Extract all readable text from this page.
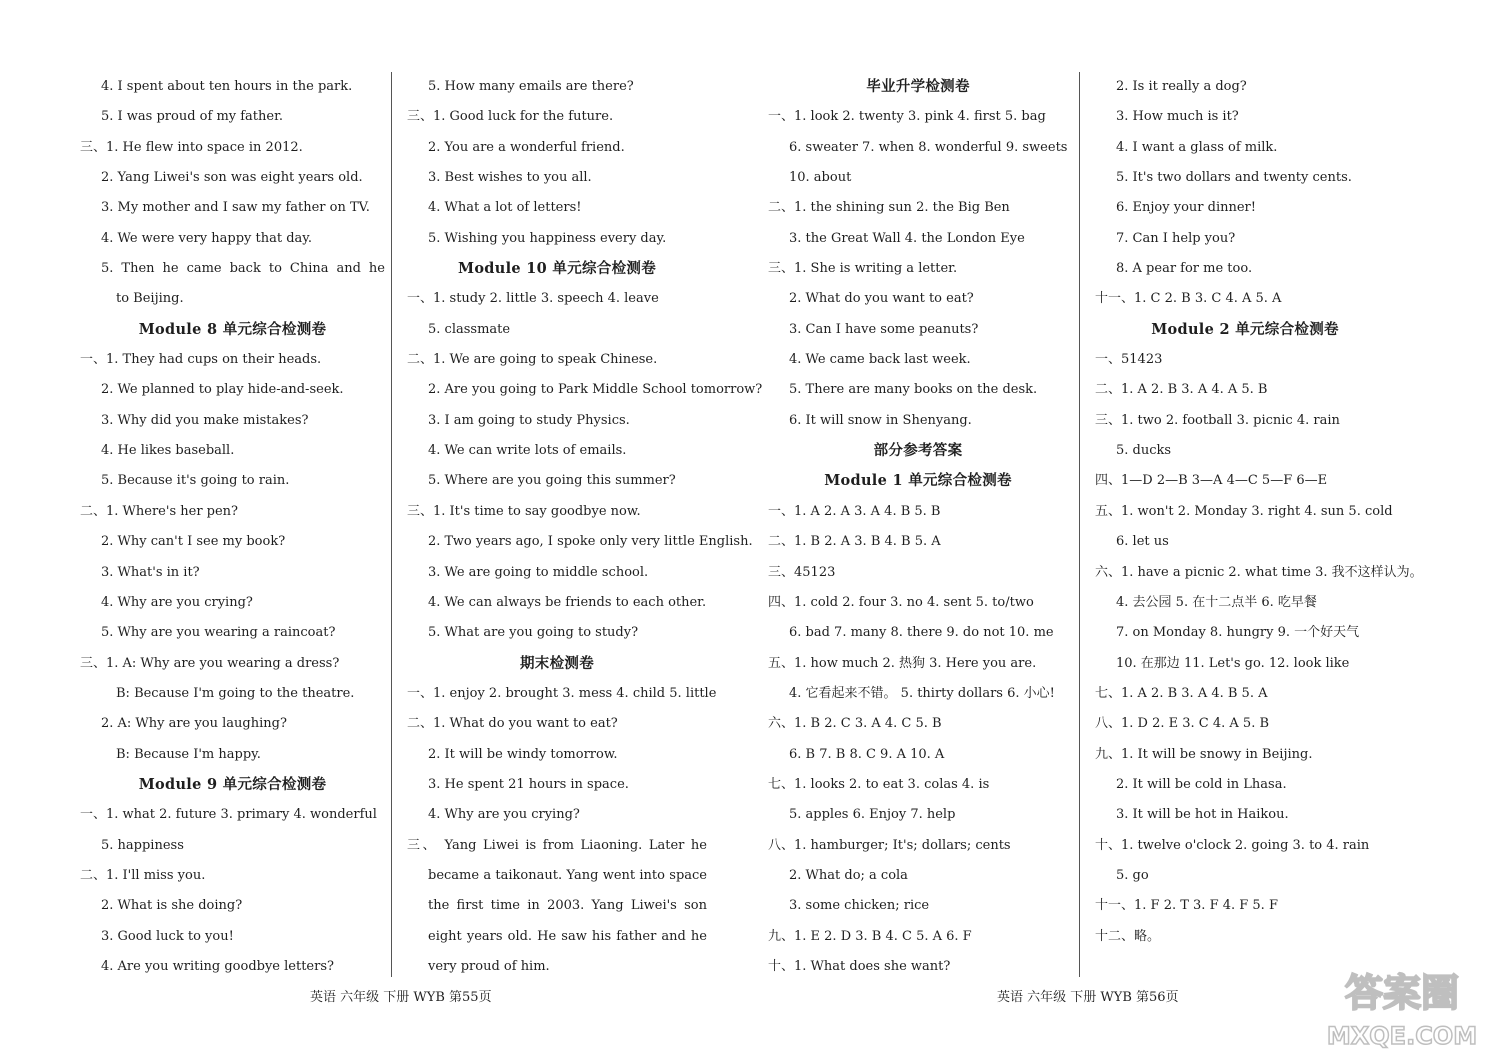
4. I spent about ten hours in the park.
5. I was proud of my father.
三、1. He flew into space in 2012.
2. Yang Liwei's son was eight years old.
3. My mother and I saw my father on TV.
4. We were very happy that day.
5. Then he came back to China and he
to Beijing.
Module 8 单元综合检测卷
一、1. They had cups on their heads.
2. We planned to play hide-and-seek.
3. Why did you make mistakes?
4. He likes baseball.
5. Because it's going to rain.
二、1. Where's her pen?
2. Why can't I see my book?
3. What's in it?
4. Why are you crying?
5. Why are you wearing a raincoat?
三、1. A: Why are you wearing a dress?
B: Because I'm going to the theatre.
2. A: Why are you laughing?
B: Because I'm happy.
Module 9 单元综合检测卷
一、1. what 2. future 3. primary 4. wonderful
5. happiness
二、1. I'll miss you.
2. What is she doing?
3. Good luck to you!
4. Are you writing goodbye letters?
5. How many emails are there?
三、1. Good luck for the future.
2. You are a wonderful friend.
3. Best wishes to you all.
4. What a lot of letters!
5. Wishing you happiness every day.
Module 10 单元综合检测卷
一、1. study 2. little 3. speech 4. leave
5. classmate
二、1. We are going to speak Chinese.
2. Are you going to Park Middle School tomorrow?
3. I am going to study Physics.
4. We can write lots of emails.
5. Where are you going this summer?
三、1. It's time to say goodbye now.
2. Two years ago, I spoke only very little English.
3. We are going to middle school.
4. We can always be friends to each other.
5. What are you going to study?
期末检测卷
一、1. enjoy 2. brought 3. mess 4. child 5. little
二、1. What do you want to eat?
2. It will be windy tomorrow.
3. He spent 21 hours in space.
4. Why are you crying?
三、 Yang Liwei is from Liaoning. Later he
became a taikonaut. Yang went into space
the first time in 2003. Yang Liwei's son
eight years old. He saw his father and he
very proud of him.
毕业升学检测卷
一、1. look 2. twenty 3. pink 4. first 5. bag
6. sweater 7. when 8. wonderful 9. sweets
10. about
二、1. the shining sun 2. the Big Ben
3. the Great Wall 4. the London Eye
三、1. She is writing a letter.
2. What do you want to eat?
3. Can I have some peanuts?
4. We came back last week.
5. There are many books on the desk.
6. It will snow in Shenyang.
部分参考答案
Module 1 单元综合检测卷
一、1. A 2. A 3. A 4. B 5. B
二、1. B 2. A 3. B 4. B 5. A
三、45123
四、1. cold 2. four 3. no 4. sent 5. to/two
6. bad 7. many 8. there 9. do not 10. me
五、1. how much 2. 热狗 3. Here you are.
4. 它看起来不错。 5. thirty dollars 6. 小心!
六、1. B 2. C 3. A 4. C 5. B
6. B 7. B 8. C 9. A 10. A
七、1. looks 2. to eat 3. colas 4. is
5. apples 6. Enjoy 7. help
八、1. hamburger; It's; dollars; cents
2. What do; a cola
3. some chicken; rice
九、1. E 2. D 3. B 4. C 5. A 6. F
十、1. What does she want?
2. Is it really a dog?
3. How much is it?
4. I want a glass of milk.
5. It's two dollars and twenty cents.
6. Enjoy your dinner!
7. Can I help you?
8. A pear for me too.
十一、1. C 2. B 3. C 4. A 5. A
Module 2 单元综合检测卷
一、51423
二、1. A 2. B 3. A 4. A 5. B
三、1. two 2. football 3. picnic 4. rain
5. ducks
四、1—D 2—B 3—A 4—C 5—F 6—E
五、1. won't 2. Monday 3. right 4. sun 5. cold
6. let us
六、1. have a picnic 2. what time 3. 我不这样认为。
4. 去公园 5. 在十二点半 6. 吃早餐
7. on Monday 8. hungry 9. 一个好天气
10. 在那边 11. Let's go. 12. look like
七、1. A 2. B 3. A 4. B 5. A
八、1. D 2. E 3. C 4. A 5. B
九、1. It will be snowy in Beijing.
2. It will be cold in Lhasa.
3. It will be hot in Haikou.
十、1. twelve o'clock 2. going 3. to 4. rain
5. go
十一、1. F 2. T 3. F 4. F 5. F
十二、略。
英语 六年级 下册 WYB 第55页	英语 六年级 下册 WYB 第56页	答案圈
MXQE.COM
